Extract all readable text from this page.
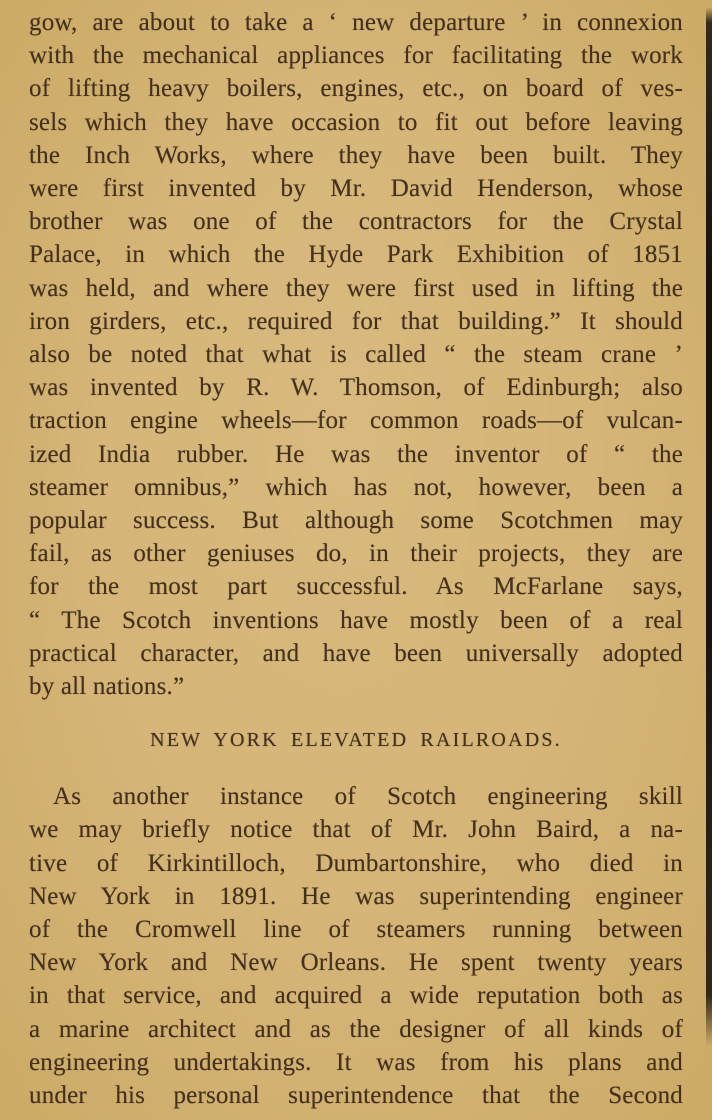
gow, are about to take a ‘ new departure ’ in connexion
with the mechanical appliances for facilitating the work
of lifting heavy boilers, engines, etc., on board of ves-
sels which they have occasion to fit out before leaving
the Inch Works, where they have been built. They
were first invented by Mr. David Henderson, whose
brother was one of the contractors for the Crystal
Palace, in which the Hyde Park Exhibition of 1851
was held, and where they were first used in lifting the
iron girders, etc., required for that building.” It should
also be noted that what is called “ the steam crane ’
was invented by R. W. Thomson, of Edinburgh; also
traction engine wheels—for common roads—of vulcan-
ized India rubber. He was the inventor of “ the
steamer omnibus,” which has not, however, been a
popular success. But although some Scotchmen may
fail, as other geniuses do, in their projects, they are
for the most part successful. As McFarlane says,
“ The Scotch inventions have mostly been of a real
practical character, and have been universally adopted
by all nations.”
NEW YORK ELEVATED RAILROADS.
As another instance of Scotch engineering skill
we may briefly notice that of Mr. John Baird, a na-
tive of Kirkintilloch, Dumbartonshire, who died in
New York in 1891. He was superintending engineer
of the Cromwell line of steamers running between
New York and New Orleans. He spent twenty years
in that service, and acquired a wide reputation both as
a marine architect and as the designer of all kinds of
engineering undertakings. It was from his plans and
under his personal superintendence that the Second
